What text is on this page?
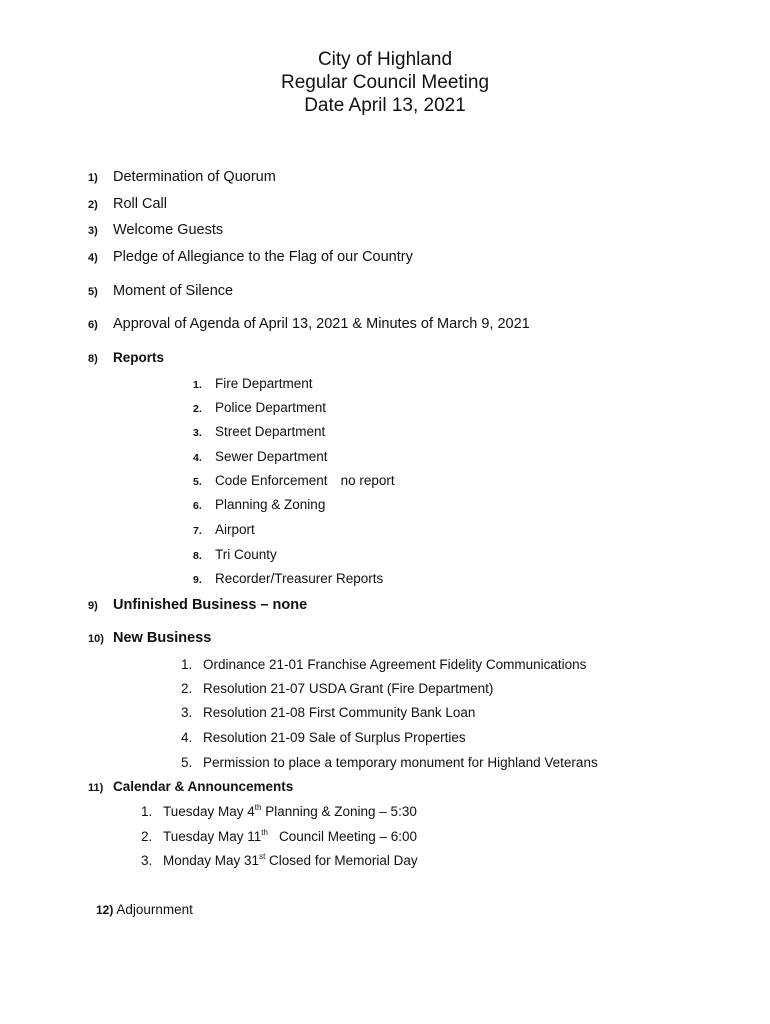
City of Highland
Regular Council Meeting
Date April 13, 2021
1) Determination of Quorum
2) Roll Call
3) Welcome Guests
4) Pledge of Allegiance to the Flag of our Country
5) Moment of Silence
6) Approval of Agenda of April 13, 2021 & Minutes of March 9, 2021
8) Reports
1. Fire Department
2. Police Department
3. Street Department
4. Sewer Department
5. Code Enforcement no report
6. Planning & Zoning
7. Airport
8. Tri County
9. Recorder/Treasurer Reports
9) Unfinished Business – none
10) New Business
1. Ordinance 21-01 Franchise Agreement Fidelity Communications
2. Resolution 21-07 USDA Grant (Fire Department)
3. Resolution 21-08 First Community Bank Loan
4. Resolution 21-09 Sale of Surplus Properties
5. Permission to place a temporary monument for Highland Veterans
11) Calendar & Announcements
1. Tuesday May 4th Planning & Zoning – 5:30
2. Tuesday May 11th Council Meeting – 6:00
3. Monday May 31st Closed for Memorial Day
12) Adjournment
